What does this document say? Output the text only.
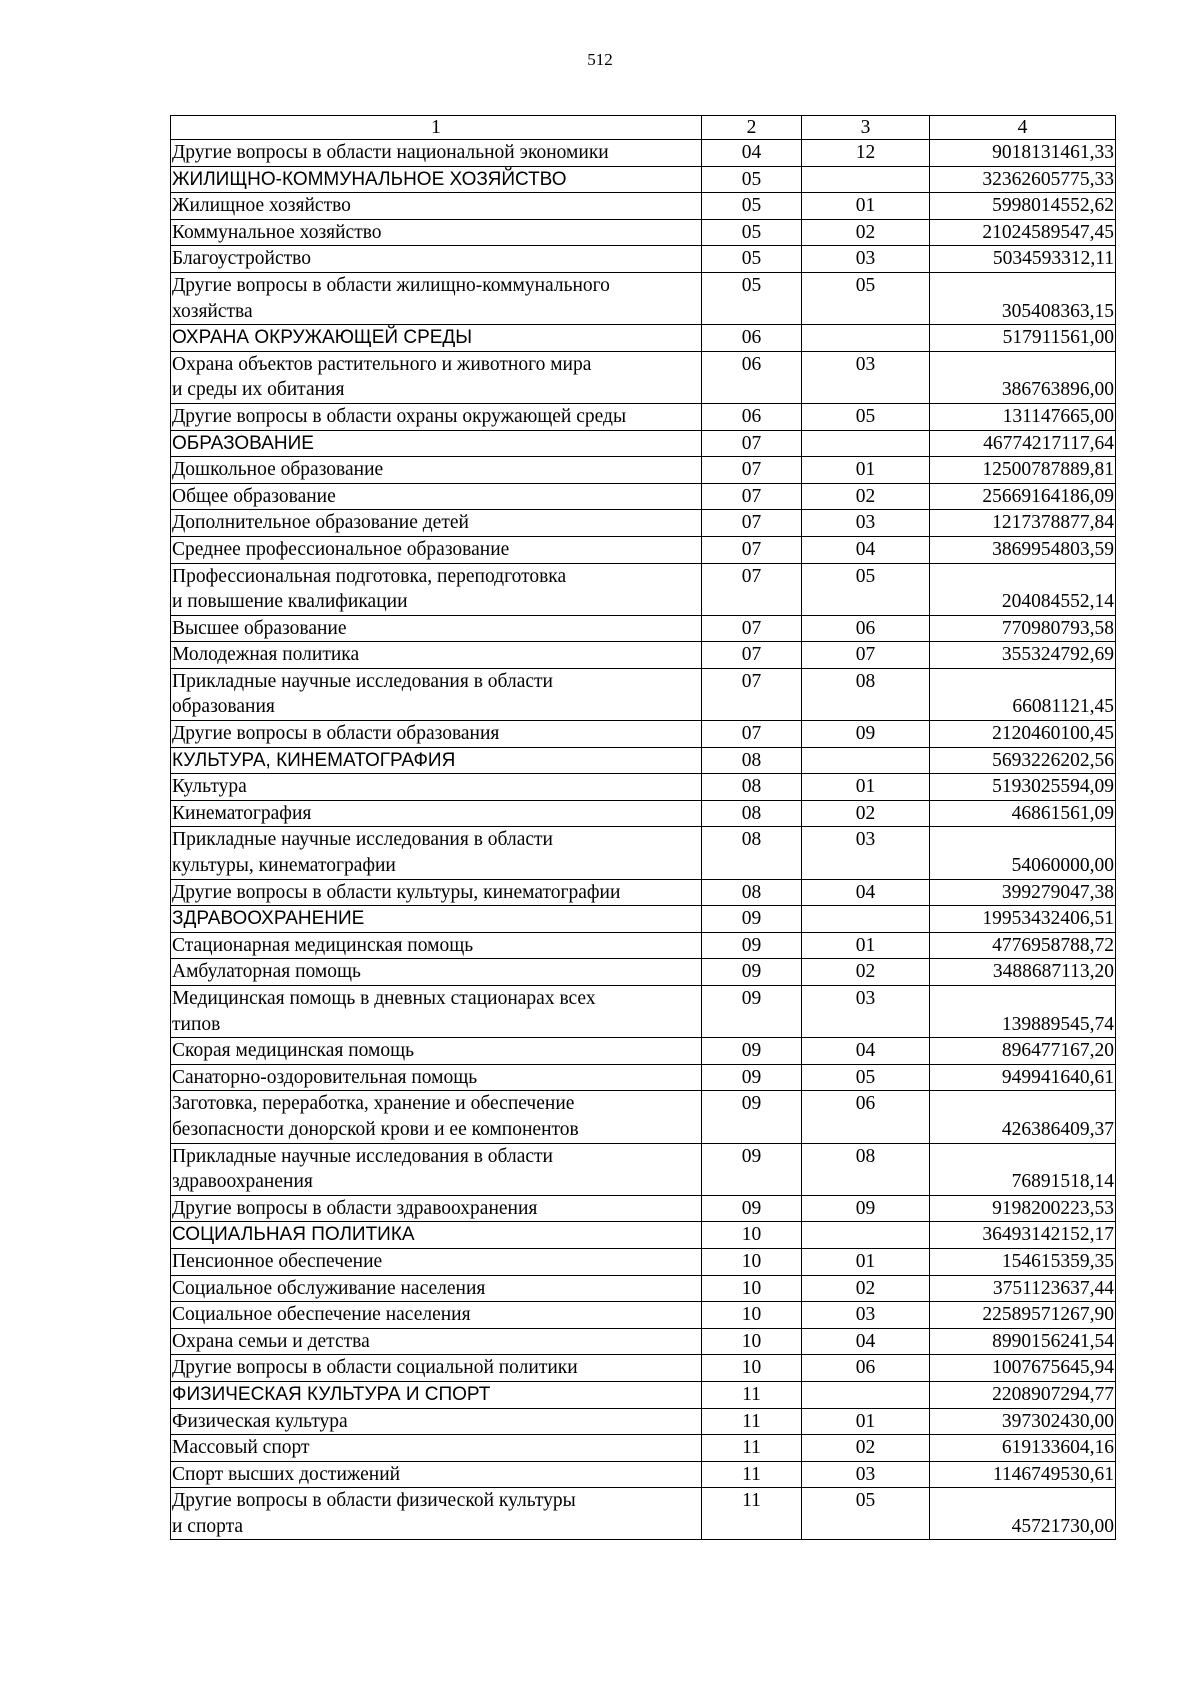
512
1	2	3	4

Другие вопросы в области национальной экономики	04	12	9018131461,33

ЖИЛИЩНО-КОММУНАЛЬНОЕ ХОЗЯЙСТВО	05		32362605775,33

Жилищное хозяйство	05	01	5998014552,62

Коммунальное хозяйство	05	02	21024589547,45

Благоустройство	05	03	5034593312,11

Другие вопросы в области жилищно-коммунального
хозяйства	05	05	305408363,15

ОХРАНА ОКРУЖАЮЩЕЙ СРЕДЫ	06		517911561,00

Охрана объектов растительного и животного мира
и среды их обитания	06	03	386763896,00

Другие вопросы в области охраны окружающей среды	06	05	131147665,00

ОБРАЗОВАНИЕ	07		46774217117,64

Дошкольное образование	07	01	12500787889,81

Общее образование	07	02	25669164186,09

Дополнительное образование детей	07	03	1217378877,84

Среднее профессиональное образование	07	04	3869954803,59

Профессиональная подготовка, переподготовка
и повышение квалификации	07	05	204084552,14

Высшее образование	07	06	770980793,58

Молодежная политика	07	07	355324792,69

Прикладные научные исследования в области
образования	07	08	66081121,45

Другие вопросы в области образования	07	09	2120460100,45

КУЛЬТУРА, КИНЕМАТОГРАФИЯ	08		5693226202,56

Культура	08	01	5193025594,09

Кинематография	08	02	46861561,09

Прикладные научные исследования в области
культуры, кинематографии	08	03	54060000,00

Другие вопросы в области культуры, кинематографии	08	04	399279047,38

ЗДРАВООХРАНЕНИЕ	09		19953432406,51

Стационарная медицинская помощь	09	01	4776958788,72

Амбулаторная помощь	09	02	3488687113,20

Медицинская помощь в дневных стационарах всех
типов	09	03	139889545,74

Скорая медицинская помощь	09	04	896477167,20

Санаторно-оздоровительная помощь	09	05	949941640,61

Заготовка, переработка, хранение и обеспечение
безопасности донорской крови и ее компонентов	09	06	426386409,37

Прикладные научные исследования в области
здравоохранения	09	08	76891518,14

Другие вопросы в области здравоохранения	09	09	9198200223,53

СОЦИАЛЬНАЯ ПОЛИТИКА	10		36493142152,17

Пенсионное обеспечение	10	01	154615359,35

Социальное обслуживание населения	10	02	3751123637,44

Социальное обеспечение населения	10	03	22589571267,90

Охрана семьи и детства	10	04	8990156241,54

Другие вопросы в области социальной политики	10	06	1007675645,94

ФИЗИЧЕСКАЯ КУЛЬТУРА И СПОРТ	11		2208907294,77

Физическая культура	11	01	397302430,00

Массовый спорт	11	02	619133604,16

Спорт высших достижений	11	03	1146749530,61

Другие вопросы в области физической культуры
и спорта	11	05	45721730,00
